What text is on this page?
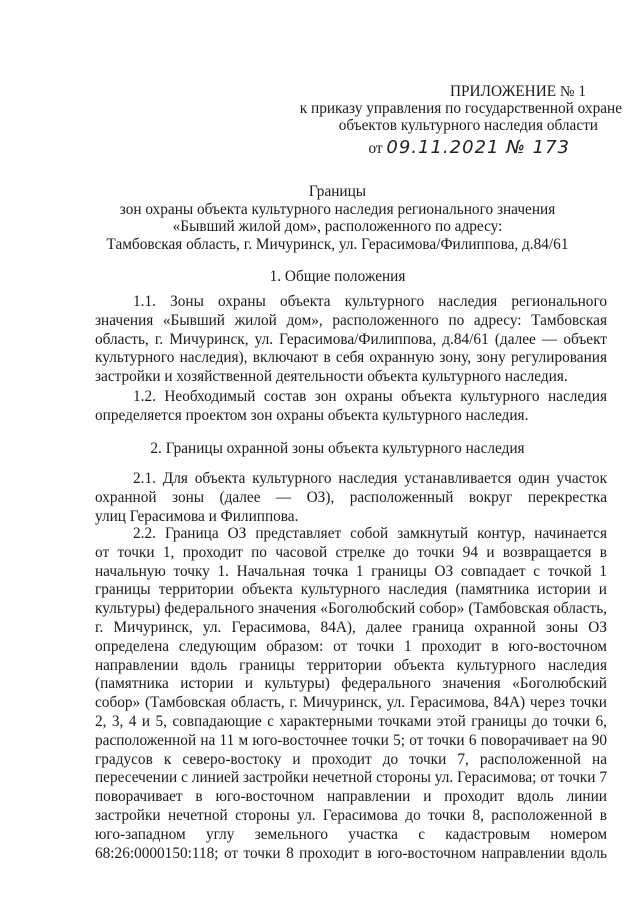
ПРИЛОЖЕНИЕ № 1
к приказу управления по государственной охране
объектов культурного наследия области
от 09.11.2021 № 173
Границы
зон охраны объекта культурного наследия регионального значения
«Бывший жилой дом», расположенного по адресу:
Тамбовская область, г. Мичуринск, ул. Герасимова/Филиппова, д.84/61
1. Общие положения
1.1. Зоны охраны объекта культурного наследия регионального
значения «Бывший жилой дом», расположенного по адресу: Тамбовская
область, г. Мичуринск, ул. Герасимова/Филиппова, д.84/61 (далее — объект
культурного наследия), включают в себя охранную зону, зону регулирования
застройки и хозяйственной деятельности объекта культурного наследия.
1.2. Необходимый состав зон охраны объекта культурного наследия
определяется проектом зон охраны объекта культурного наследия.
2. Границы охранной зоны объекта культурного наследия
2.1. Для объекта культурного наследия устанавливается один участок
охранной зоны (далее — ОЗ), расположенный вокруг перекрестка
улиц Герасимова и Филиппова.
2.2. Граница ОЗ представляет собой замкнутый контур, начинается
от точки 1, проходит по часовой стрелке до точки 94 и возвращается в
начальную точку 1. Начальная точка 1 границы ОЗ совпадает с точкой 1
границы территории объекта культурного наследия (памятника истории и
культуры) федерального значения «Боголюбский собор» (Тамбовская область,
г. Мичуринск, ул. Герасимова, 84А), далее граница охранной зоны ОЗ
определена следующим образом: от точки 1 проходит в юго-восточном
направлении вдоль границы территории объекта культурного наследия
(памятника истории и культуры) федерального значения «Боголюбский
собор» (Тамбовская область, г. Мичуринск, ул. Герасимова, 84А) через точки
2, 3, 4 и 5, совпадающие с характерными точками этой границы до точки 6,
расположенной на 11 м юго-восточнее точки 5; от точки 6 поворачивает на 90
градусов к северо-востоку и проходит до точки 7, расположенной на
пересечении с линией застройки нечетной стороны ул. Герасимова; от точки 7
поворачивает в юго-восточном направлении и проходит вдоль линии
застройки нечетной стороны ул. Герасимова до точки 8, расположенной в
юго-западном углу земельного участка с кадастровым номером
68:26:0000150:118; от точки 8 проходит в юго-восточном направлении вдоль
